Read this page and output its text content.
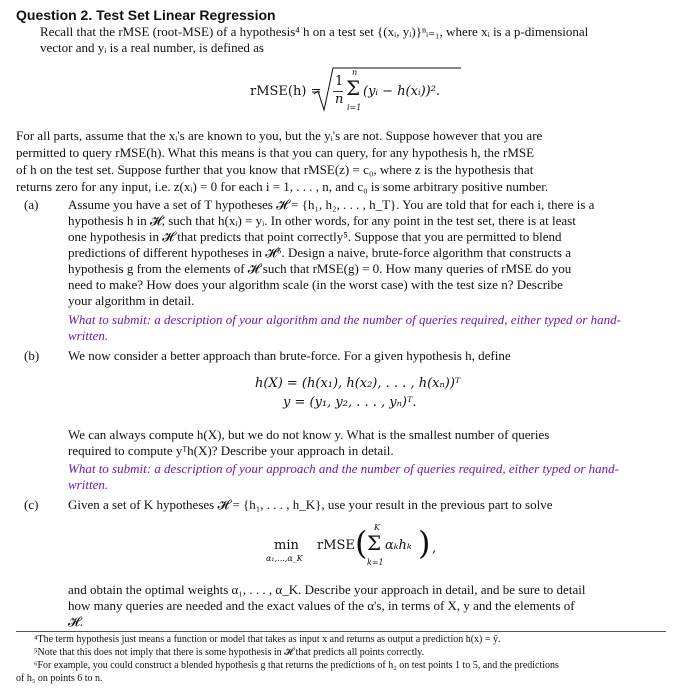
Question 2. Test Set Linear Regression
Recall that the rMSE (root-MSE) of a hypothesis⁴ h on a test set {(xᵢ, yᵢ)}ⁿᵢ₌₁, where xᵢ is a p-dimensional
vector and yᵢ is a real number, is defined as
rMSE(h) =
1
n
n
Σ
i=1
(yᵢ − h(xᵢ))².
For all parts, assume that the xᵢ's are known to you, but the yᵢ's are not. Suppose however that you are
permitted to query rMSE(h). What this means is that you can query, for any hypothesis h, the rMSE
of h on the test set. Suppose further that you know that rMSE(z) = c₀, where z is the hypothesis that
returns zero for any input, i.e. z(xᵢ) = 0 for each i = 1, . . . , n, and c₀ is some arbitrary positive number.
(a) Assume you have a set of T hypotheses 𝓗 = {h₁, h₂, . . . , h_T}. You are told that for each i, there is a
hypothesis h in 𝓗, such that h(xᵢ) = yᵢ. In other words, for any point in the test set, there is at least
one hypothesis in 𝓗 that predicts that point correctly⁵. Suppose that you are permitted to blend
predictions of different hypotheses in 𝓗⁶. Design a naive, brute-force algorithm that constructs a
hypothesis g from the elements of 𝓗 such that rMSE(g) = 0. How many queries of rMSE do you
need to make? How does your algorithm scale (in the worst case) with the test size n? Describe
your algorithm in detail.
What to submit: a description of your algorithm and the number of queries required, either typed or hand-
written.
(b) We now consider a better approach than brute-force. For a given hypothesis h, define
h(X) = (h(x₁), h(x₂), . . . , h(xₙ))ᵀ
y = (y₁, y₂, . . . , yₙ)ᵀ.
We can always compute h(X), but we do not know y. What is the smallest number of queries
required to compute yᵀh(X)? Describe your approach in detail.
What to submit: a description of your approach and the number of queries required, either typed or hand-
written.
(c) Given a set of K hypotheses 𝓗 = {h₁, . . . , h_K}, use your result in the previous part to solve
min
α₁,...,α_K
rMSE ( K
Σ
k=1
αₖhₖ ) ,
and obtain the optimal weights α₁, . . . , α_K. Describe your approach in detail, and be sure to detail
how many queries are needed and the exact values of the α's, in terms of X, y and the elements of
𝓗.
⁴The term hypothesis just means a function or model that takes as input x and returns as output a prediction h(x) = ŷ.
⁵Note that this does not imply that there is some hypothesis in 𝓗 that predicts all points correctly.
⁶For example, you could construct a blended hypothesis g that returns the predictions of h₂ on test points 1 to 5, and the predictions
of h₅ on points 6 to n.
